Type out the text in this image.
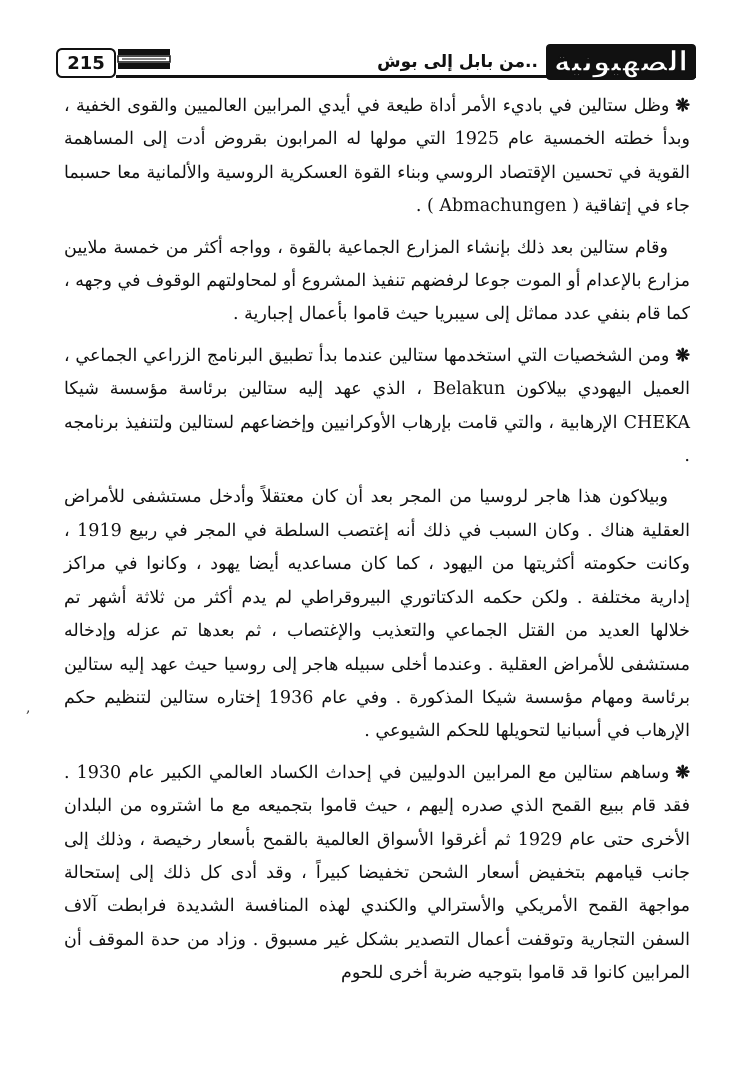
215	الصهيونية
..من بابل إلى بوش
,

❋وظل ستالين في باديء الأمر أداة طيعة في أيدي المرابين العالميين والقوى الخفية ، وبدأ خطته الخمسية عام 1925 التي مولها له المرابون بقروض أدت إلى المساهمة القوية في تحسين الإقتصاد الروسي وبناء القوة العسكرية الروسية والألمانية معا حسبما جاء في إتفاقية ( Abmachungen ) .

وقام ستالين بعد ذلك بإنشاء المزارع الجماعية بالقوة ، وواجه أكثر من خمسة ملايين مزارع بالإعدام أو الموت جوعا لرفضهم تنفيذ المشروع أو لمحاولتهم الوقوف في وجهه ، كما قام بنفي عدد مماثل إلى سيبريا حيث قاموا بأعمال إجبارية .

❋ومن الشخصيات التي استخدمها ستالين عندما بدأ تطبيق البرنامج الزراعي الجماعي ، العميل اليهودي بيلاكون Belakun ، الذي عهد إليه ستالين برئاسة مؤسسة شيكا CHEKA الإرهابية ، والتي قامت بإرهاب الأوكرانيين وإخضاعهم لستالين ولتنفيذ برنامجه .

وبيلاكون هذا هاجر لروسيا من المجر بعد أن كان معتقلاً وأدخل مستشفى للأمراض العقلية هناك . وكان السبب في ذلك أنه إغتصب السلطة في المجر في ربيع 1919 ، وكانت حكومته أكثريتها من اليهود ، كما كان مساعديه أيضا يهود ، وكانوا في مراكز إدارية مختلفة . ولكن حكمه الدكتاتوري البيروقراطي لم يدم أكثر من ثلاثة أشهر تم خلالها العديد من القتل الجماعي والتعذيب والإغتصاب ، ثم بعدها تم عزله وإدخاله مستشفى للأمراض العقلية . وعندما أخلى سبيله هاجر إلى روسيا حيث عهد إليه ستالين برئاسة ومهام مؤسسة شيكا المذكورة . وفي عام 1936 إختاره ستالين لتنظيم حكم الإرهاب في أسبانيا لتحويلها للحكم الشيوعي .

❋وساهم ستالين مع المرابين الدوليين في إحداث الكساد العالمي الكبير عام 1930 . فقد قام ببيع القمح الذي صدره إليهم ، حيث قاموا بتجميعه مع ما اشتروه من البلدان الأخرى حتى عام 1929 ثم أغرقوا الأسواق العالمية بالقمح بأسعار رخيصة ، وذلك إلى جانب قيامهم بتخفيض أسعار الشحن تخفيضا كبيراً ، وقد أدى كل ذلك إلى إستحالة مواجهة القمح الأمريكي والأسترالي والكندي لهذه المنافسة الشديدة فرابطت آلاف السفن التجارية وتوقفت أعمال التصدير بشكل غير مسبوق . وزاد من حدة الموقف أن المرابين كانوا قد قاموا بتوجيه ضربة أخرى للحوم
